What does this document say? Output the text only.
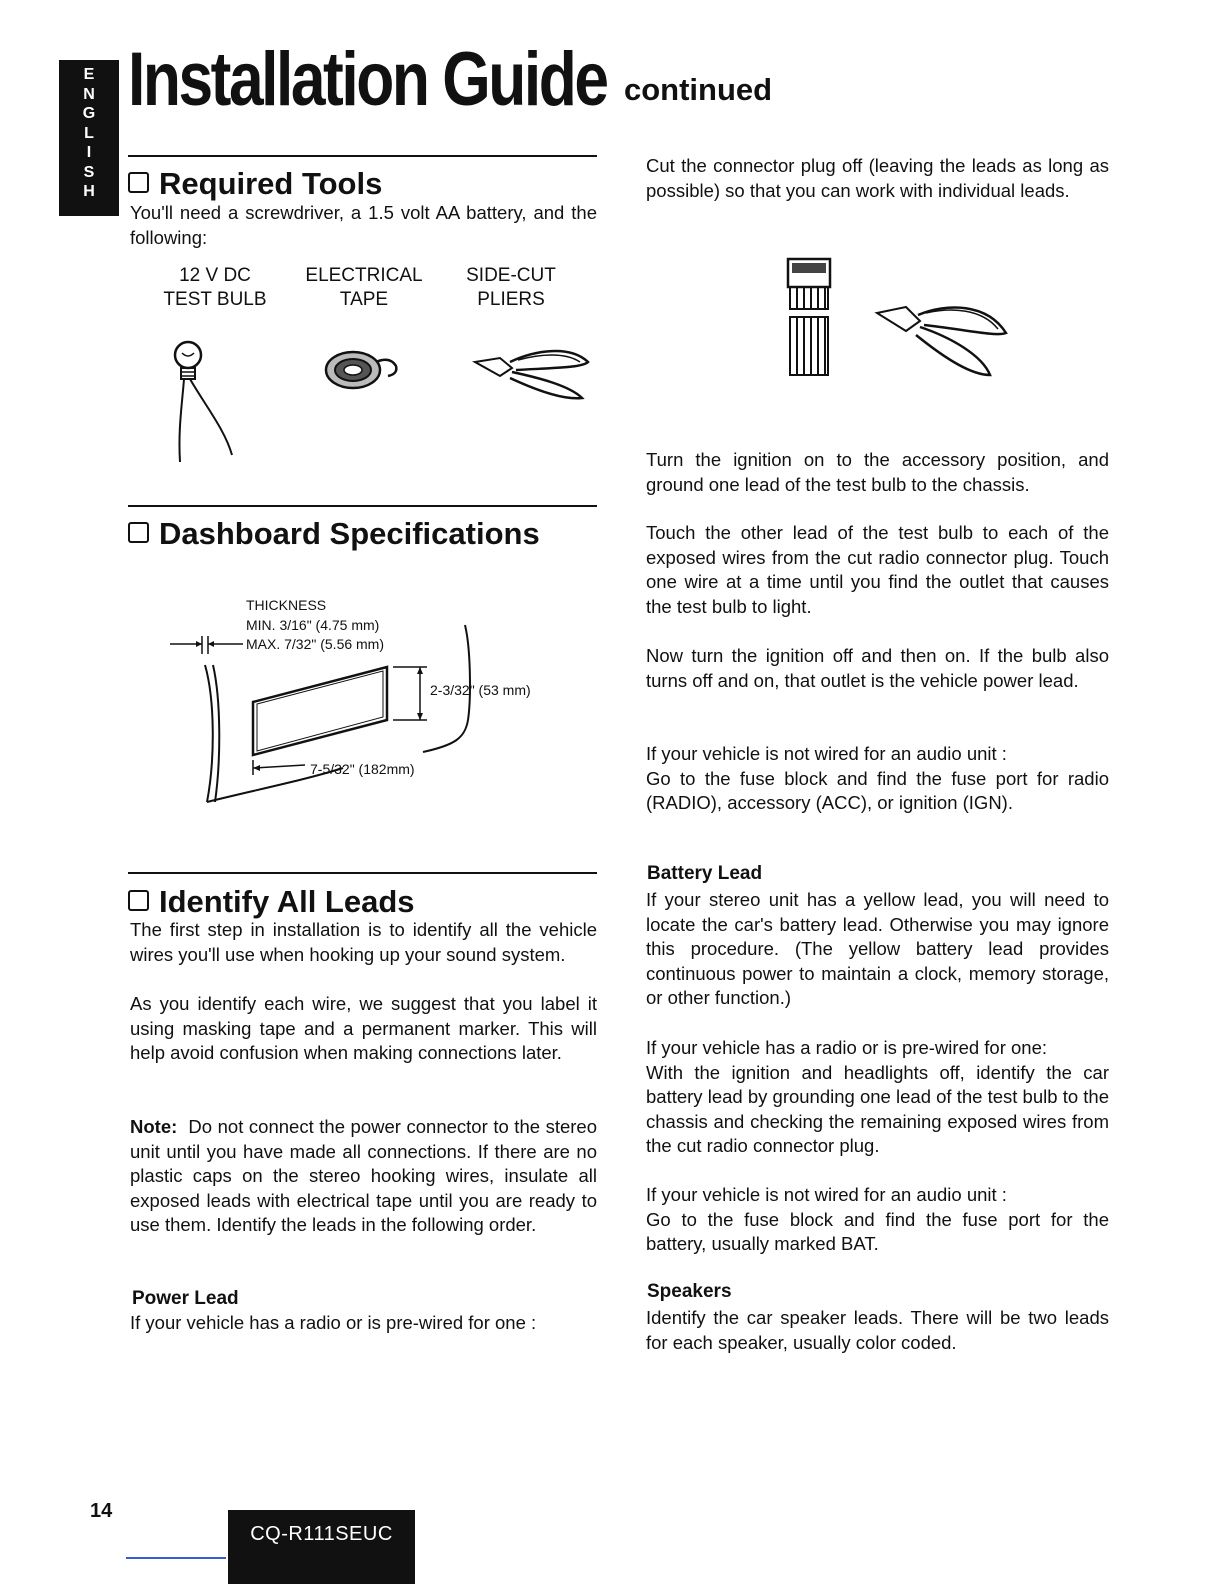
E
N
G
L
I
S
H
Installation Guide continued
Required Tools

You'll need a screwdriver, a 1.5 volt AA battery, and the following:

12 V DC
TEST BULB
ELECTRICAL
TAPE
SIDE-CUT
PLIERS
Dashboard Specifications
THICKNESS
MIN. 3/16" (4.75 mm)
MAX. 7/32" (5.56 mm)
2-3/32" (53 mm)
7-5/32" (182mm)
Identify All Leads

The first step in installation is to identify all the vehicle wires you'll use when hooking up your sound system.

As you identify each wire, we suggest that you label it using masking tape and a permanent marker. This will help avoid confusion when making connections later.

Note: Do not connect the power connector to the stereo unit until you have made all connections. If there are no plastic caps on the stereo hooking wires, insulate all exposed leads with electrical tape until you are ready to use them. Identify the leads in the following order.

Power Lead

If your vehicle has a radio or is pre-wired for one :

Cut the connector plug off (leaving the leads as long as possible) so that you can work with individual leads.

Turn the ignition on to the accessory position, and ground one lead of the test bulb to the chassis.

Touch the other lead of the test bulb to each of the exposed wires from the cut radio connector plug. Touch one wire at a time until you find the outlet that causes the test bulb to light.

Now turn the ignition off and then on. If the bulb also turns off and on, that outlet is the vehicle power lead.

If your vehicle is not wired for an audio unit :
Go to the fuse block and find the fuse port for radio (RADIO), accessory (ACC), or ignition (IGN).

Battery Lead

If your stereo unit has a yellow lead, you will need to locate the car's battery lead. Otherwise you may ignore this procedure. (The yellow battery lead provides continuous power to maintain a clock, memory storage, or other function.)

If your vehicle has a radio or is pre-wired for one:
With the ignition and headlights off, identify the car battery lead by grounding one lead of the test bulb to the chassis and checking the remaining exposed wires from the cut radio connector plug.

If your vehicle is not wired for an audio unit :
Go to the fuse block and find the fuse port for the battery, usually marked BAT.

Speakers

Identify the car speaker leads. There will be two leads for each speaker, usually color coded.

14
CQ-R111SEUC
